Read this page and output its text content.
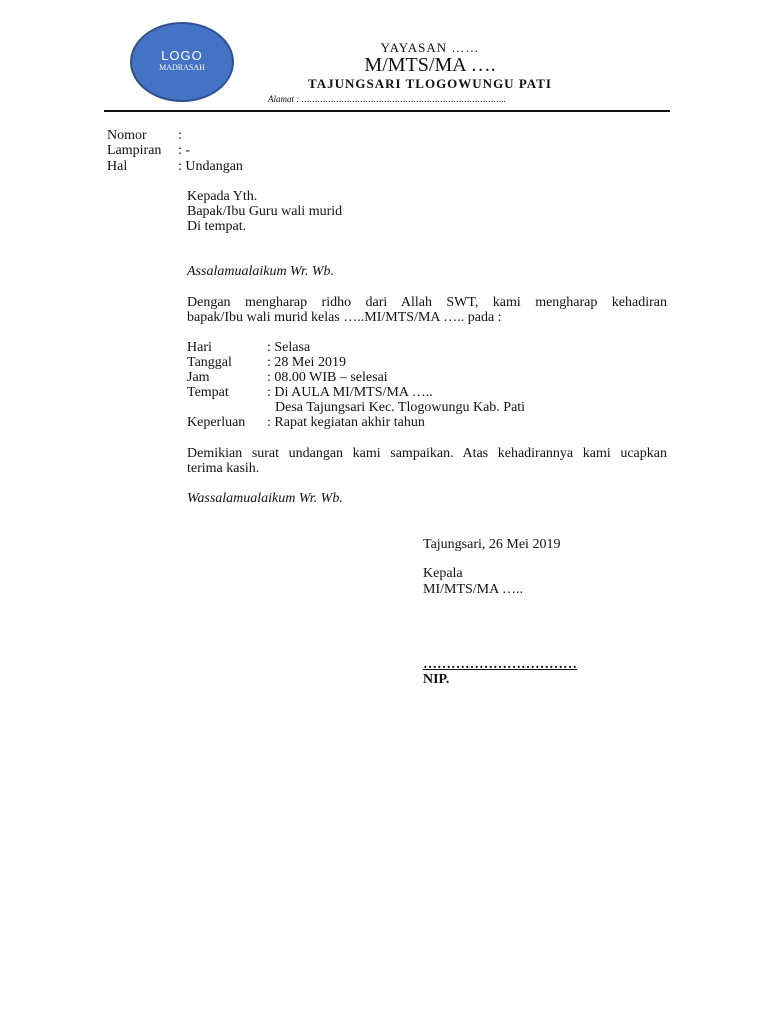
LOGO
MADRASAH
YAYASAN ……
M/MTS/MA ….
TAJUNGSARI TLOGOWUNGU PATI
Alamat : …………………………………………………………………..
Nomor :
Lampiran : -
Hal	: Undangan
Kepada Yth.
Bapak/Ibu Guru wali murid
Di tempat.
Assalamualaikum Wr. Wb.
Dengan mengharap ridho dari Allah SWT, kami mengharap kehadiran
bapak/Ibu wali murid kelas …..MI/MTS/MA ….. pada :
Hari	: Selasa
Tanggal	: 28 Mei 2019
Jam	: 08.00 WIB – selesai
Tempat	: Di AULA MI/MTS/MA …..
Desa Tajungsari Kec. Tlogowungu Kab. Pati
Keperluan : Rapat kegiatan akhir tahun
Demikian surat undangan kami sampaikan. Atas kehadirannya kami ucapkan
terima kasih.
Wassalamualaikum Wr. Wb.
Tajungsari, 26 Mei 2019
Kepala
MI/MTS/MA …..
……………………………
NIP.
